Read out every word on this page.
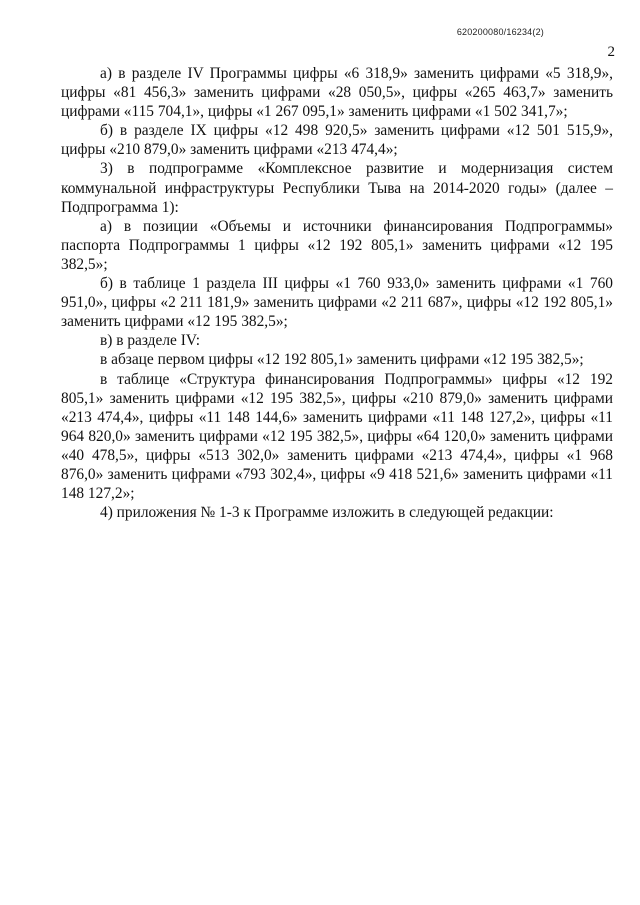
620200080/16234(2)
2

а) в разделе IV Программы цифры «6 318,9» заменить цифрами «5 318,9», цифры «81 456,3» заменить цифрами «28 050,5», цифры «265 463,7» заменить цифрами «115 704,1», цифры «1 267 095,1» заменить цифрами «1 502 341,7»;

б) в разделе IX цифры «12 498 920,5» заменить цифрами «12 501 515,9», цифры «210 879,0» заменить цифрами «213 474,4»;

3) в подпрограмме «Комплексное развитие и модернизация систем коммунальной инфраструктуры Республики Тыва на 2014-2020 годы» (далее – Подпрограмма 1):

а) в позиции «Объемы и источники финансирования Подпрограммы» паспорта Подпрограммы 1 цифры «12 192 805,1» заменить цифрами «12 195 382,5»;

б) в таблице 1 раздела III цифры «1 760 933,0» заменить цифрами «1 760 951,0», цифры «2 211 181,9» заменить цифрами «2 211 687», цифры «12 192 805,1» заменить цифрами «12 195 382,5»;

в) в разделе IV:

в абзаце первом цифры «12 192 805,1» заменить цифрами «12 195 382,5»;

в таблице «Структура финансирования Подпрограммы» цифры «12 192 805,1» заменить цифрами «12 195 382,5», цифры «210 879,0» заменить цифрами «213 474,4», цифры «11 148 144,6» заменить цифрами «11 148 127,2», цифры «11 964 820,0» заменить цифрами «12 195 382,5», цифры «64 120,0» заменить цифрами «40 478,5», цифры «513 302,0» заменить цифрами «213 474,4», цифры «1 968 876,0» заменить цифрами «793 302,4», цифры «9 418 521,6» заменить цифрами «11 148 127,2»;

4) приложения № 1-3 к Программе изложить в следующей редакции:
